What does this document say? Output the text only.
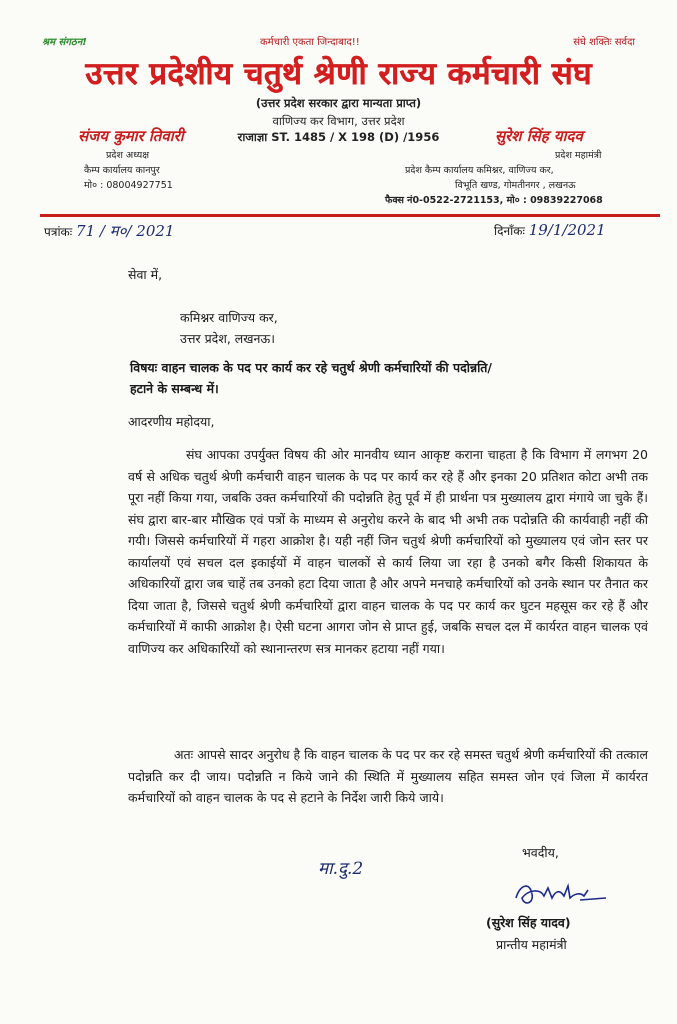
श्रम संगठन!	कर्मचारी एकता जिन्दाबाद!!	संघे शक्तिः सर्वदा
उत्तर प्रदेशीय चतुर्थ श्रेणी राज्य कर्मचारी संघ
(उत्तर प्रदेश सरकार द्वारा मान्यता प्राप्त)
वाणिज्य कर विभाग, उत्तर प्रदेश
राजाज्ञा ST. 1485 / X 198 (D) /1956
संजय कुमार तिवारी
प्रदेश अध्यक्ष
कैम्प कार्यालय कानपुर
मो० : 08004927751
सुरेश सिंह यादव
प्रदेश महामंत्री
प्रदेश कैम्प कार्यालय कमिश्नर, वाणिज्य कर,
विभूति खण्ड, गोमतीनगर , लखनऊ
फैक्स नं0-0522-2721153, मो० : 09839227068
पत्रांकः 71 / म०/ 2021	दिनाँकः 19/1/2021
सेवा में,
कमिश्नर वाणिज्य कर,
उत्तर प्रदेश, लखनऊ।
विषयः वाहन चालक के पद पर कार्य कर रहे चतुर्थ श्रेणी कर्मचारियों की पदोन्नति/
हटाने के सम्बन्ध में।
आदरणीय महोदया,
संघ आपका उपर्युक्त विषय की ओर मानवीय ध्यान आकृष्ट कराना चाहता है कि विभाग में लगभग 20 वर्ष से अधिक चतुर्थ श्रेणी कर्मचारी वाहन चालक के पद पर कार्य कर रहे हैं और इनका 20 प्रतिशत कोटा अभी तक पूरा नहीं किया गया, जबकि उक्त कर्मचारियों की पदोन्नति हेतु पूर्व में ही प्रार्थना पत्र मुख्यालय द्वारा मंगाये जा चुके हैं। संघ द्वारा बार-बार मौखिक एवं पत्रों के माध्यम से अनुरोध करने के बाद भी अभी तक पदोन्नति की कार्यवाही नहीं की गयी। जिससे कर्मचारियों में गहरा आक्रोश है। यही नहीं जिन चतुर्थ श्रेणी कर्मचारियों को मुख्यालय एवं जोन स्तर पर कार्यालयों एवं सचल दल इकाईयों में वाहन चालकों से कार्य लिया जा रहा है उनको बगैर किसी शिकायत के अधिकारियों द्वारा जब चाहें तब उनको हटा दिया जाता है और अपने मनचाहे कर्मचारियों को उनके स्थान पर तैनात कर दिया जाता है, जिससे चतुर्थ श्रेणी कर्मचारियों द्वारा वाहन चालक के पद पर कार्य कर घुटन महसूस कर रहे हैं और कर्मचारियों में काफी आक्रोश है। ऐसी घटना आगरा जोन से प्राप्त हुई, जबकि सचल दल में कार्यरत वाहन चालक एवं वाणिज्य कर अधिकारियों को स्थानान्तरण सत्र मानकर हटाया नहीं गया।
अतः आपसे सादर अनुरोध है कि वाहन चालक के पद पर कर रहे समस्त चतुर्थ श्रेणी कर्मचारियों की तत्काल पदोन्नति कर दी जाय। पदोन्नति न किये जाने की स्थिति में मुख्यालय सहित समस्त जोन एवं जिला में कार्यरत कर्मचारियों को वाहन चालक के पद से हटाने के निर्देश जारी किये जाये।
भवदीय,
मा.दु.2
(सुरेश सिंह यादव)
प्रान्तीय महामंत्री
